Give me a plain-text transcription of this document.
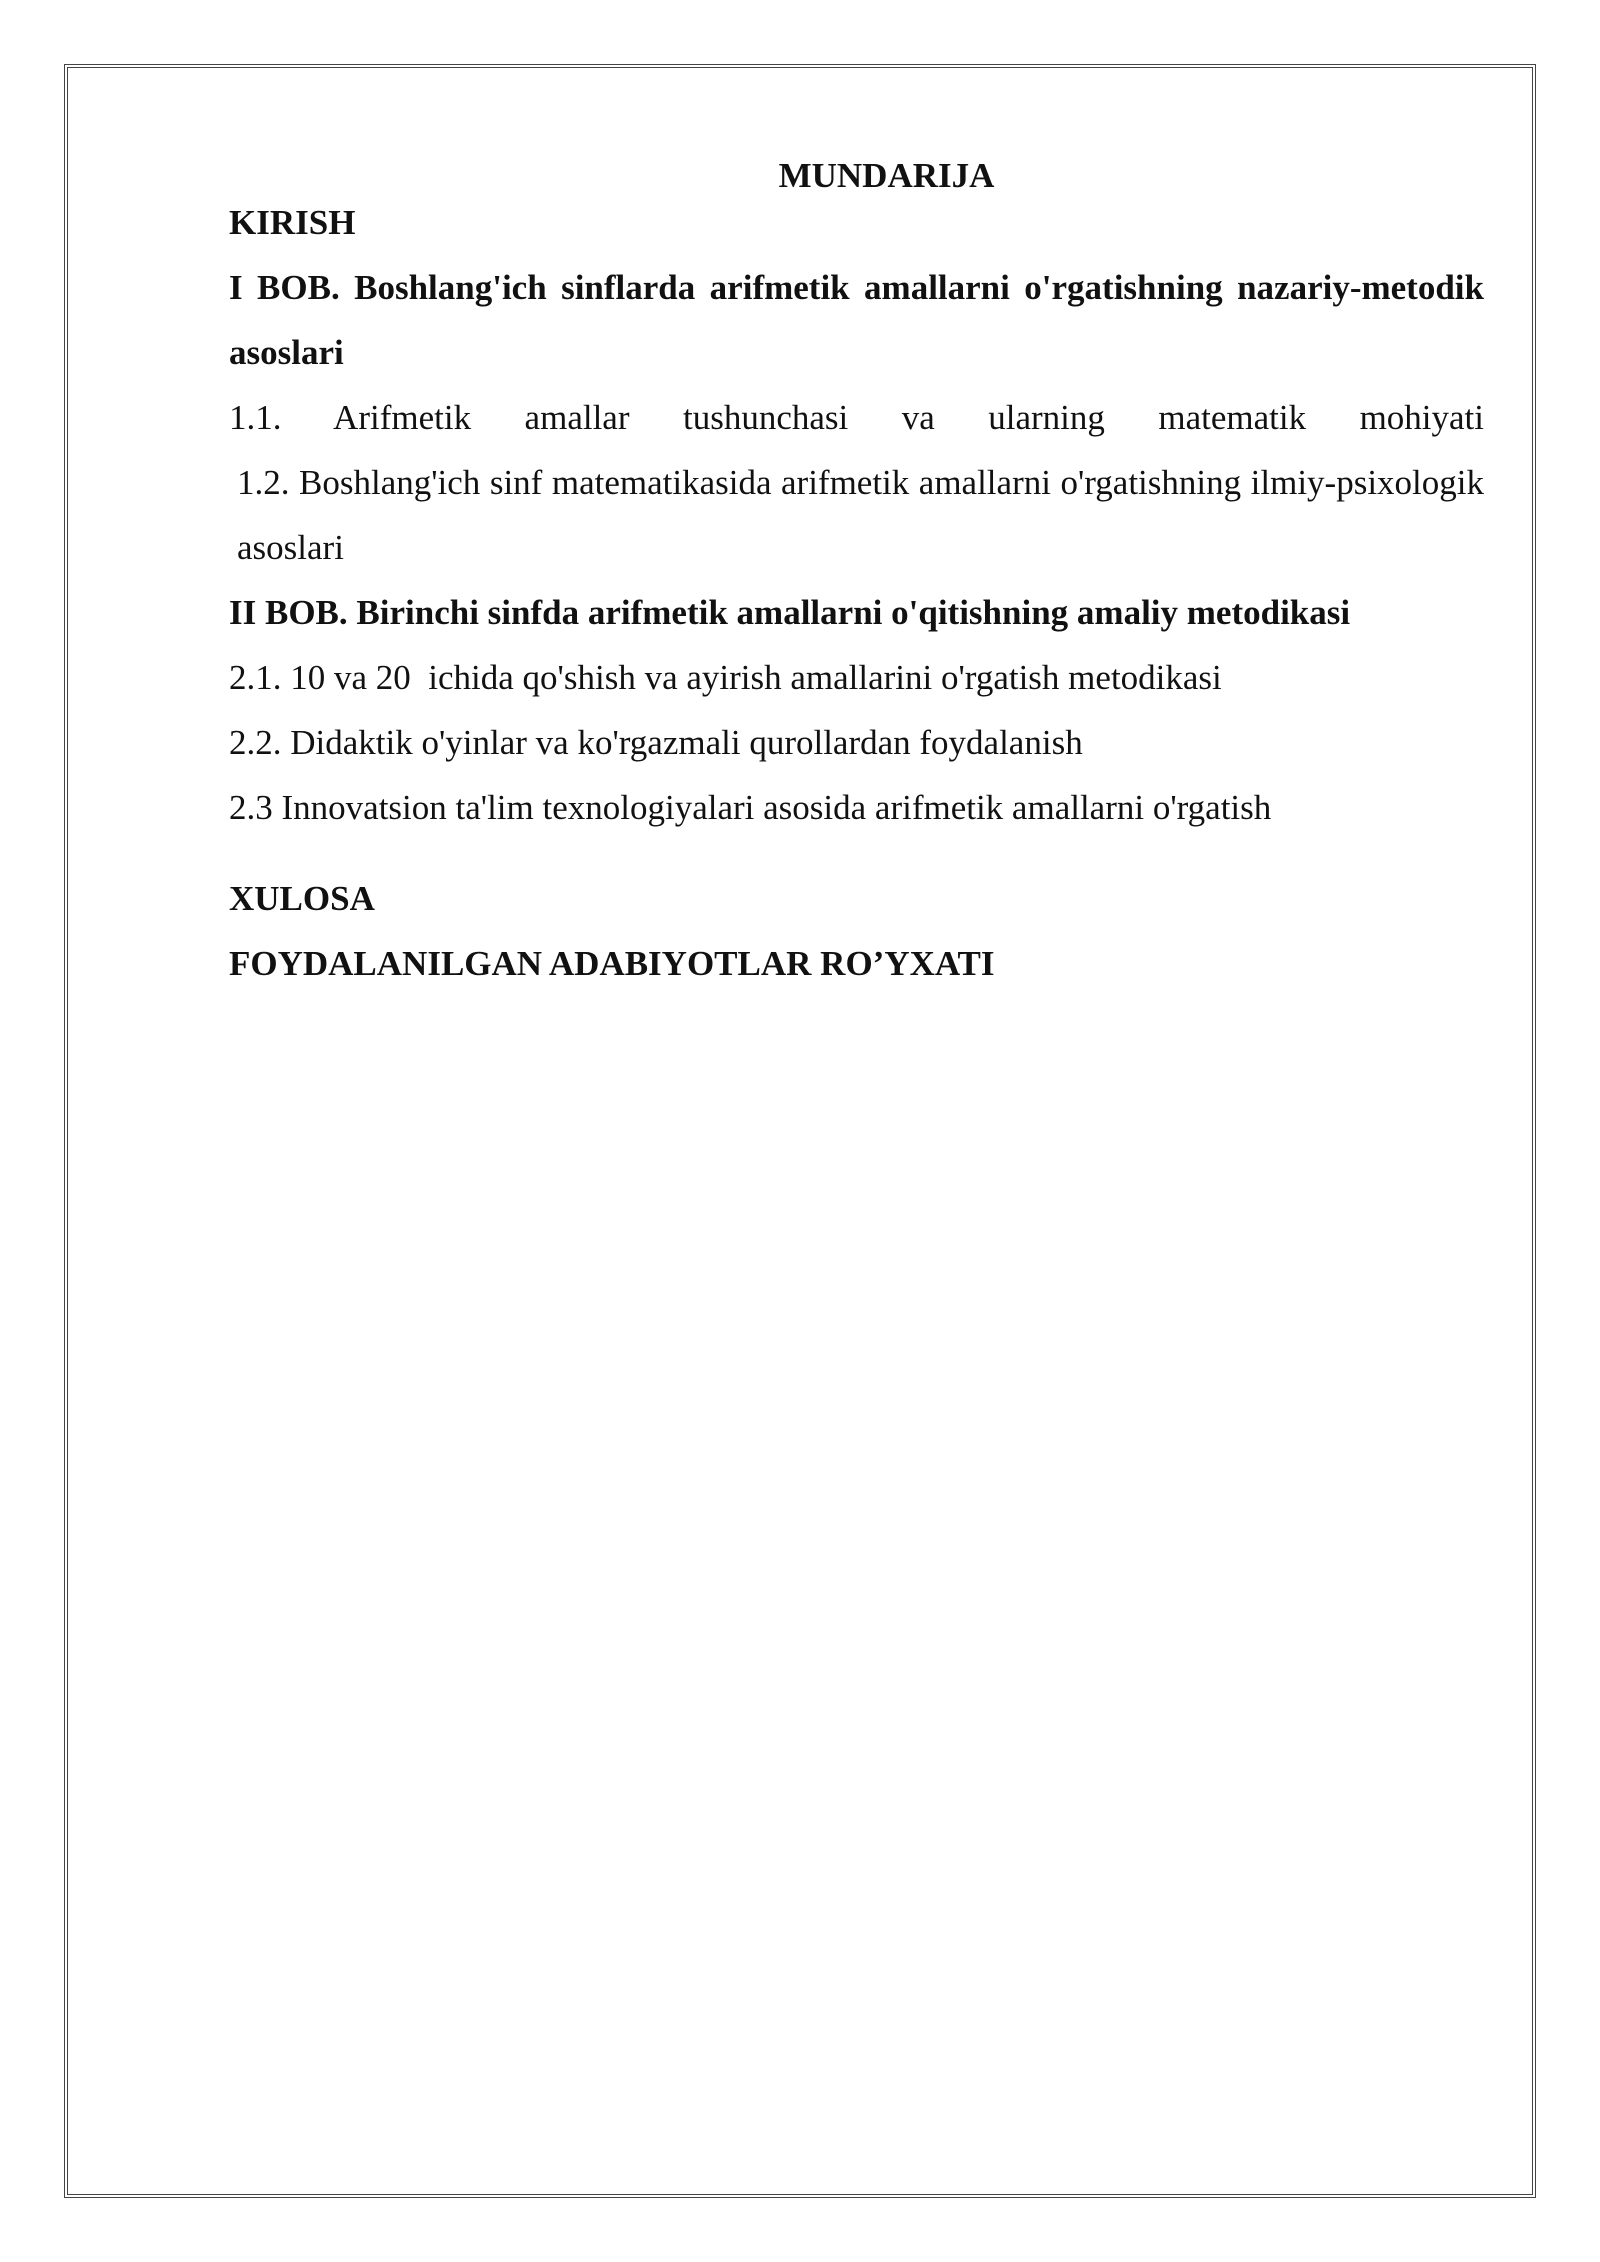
MUNDARIJA

KIRISH

I BOB. Boshlang'ich sinflarda arifmetik amallarni o'rgatishning nazariy-metodik asoslari

1.1. Arifmetik amallar tushunchasi va ularning matematik mohiyati

1.2. Boshlang'ich sinf matematikasida arifmetik amallarni o'rgatishning ilmiy-psixologik asoslari

II BOB. Birinchi sinfda arifmetik amallarni o'qitishning amaliy metodikasi

2.1. 10 va 20  ichida qo'shish va ayirish amallarini o'rgatish metodikasi

2.2. Didaktik o'yinlar va ko'rgazmali qurollardan foydalanish

2.3 Innovatsion ta'lim texnologiyalari asosida arifmetik amallarni o'rgatish

XULOSA

FOYDALANILGAN ADABIYOTLAR RO’YXATI
